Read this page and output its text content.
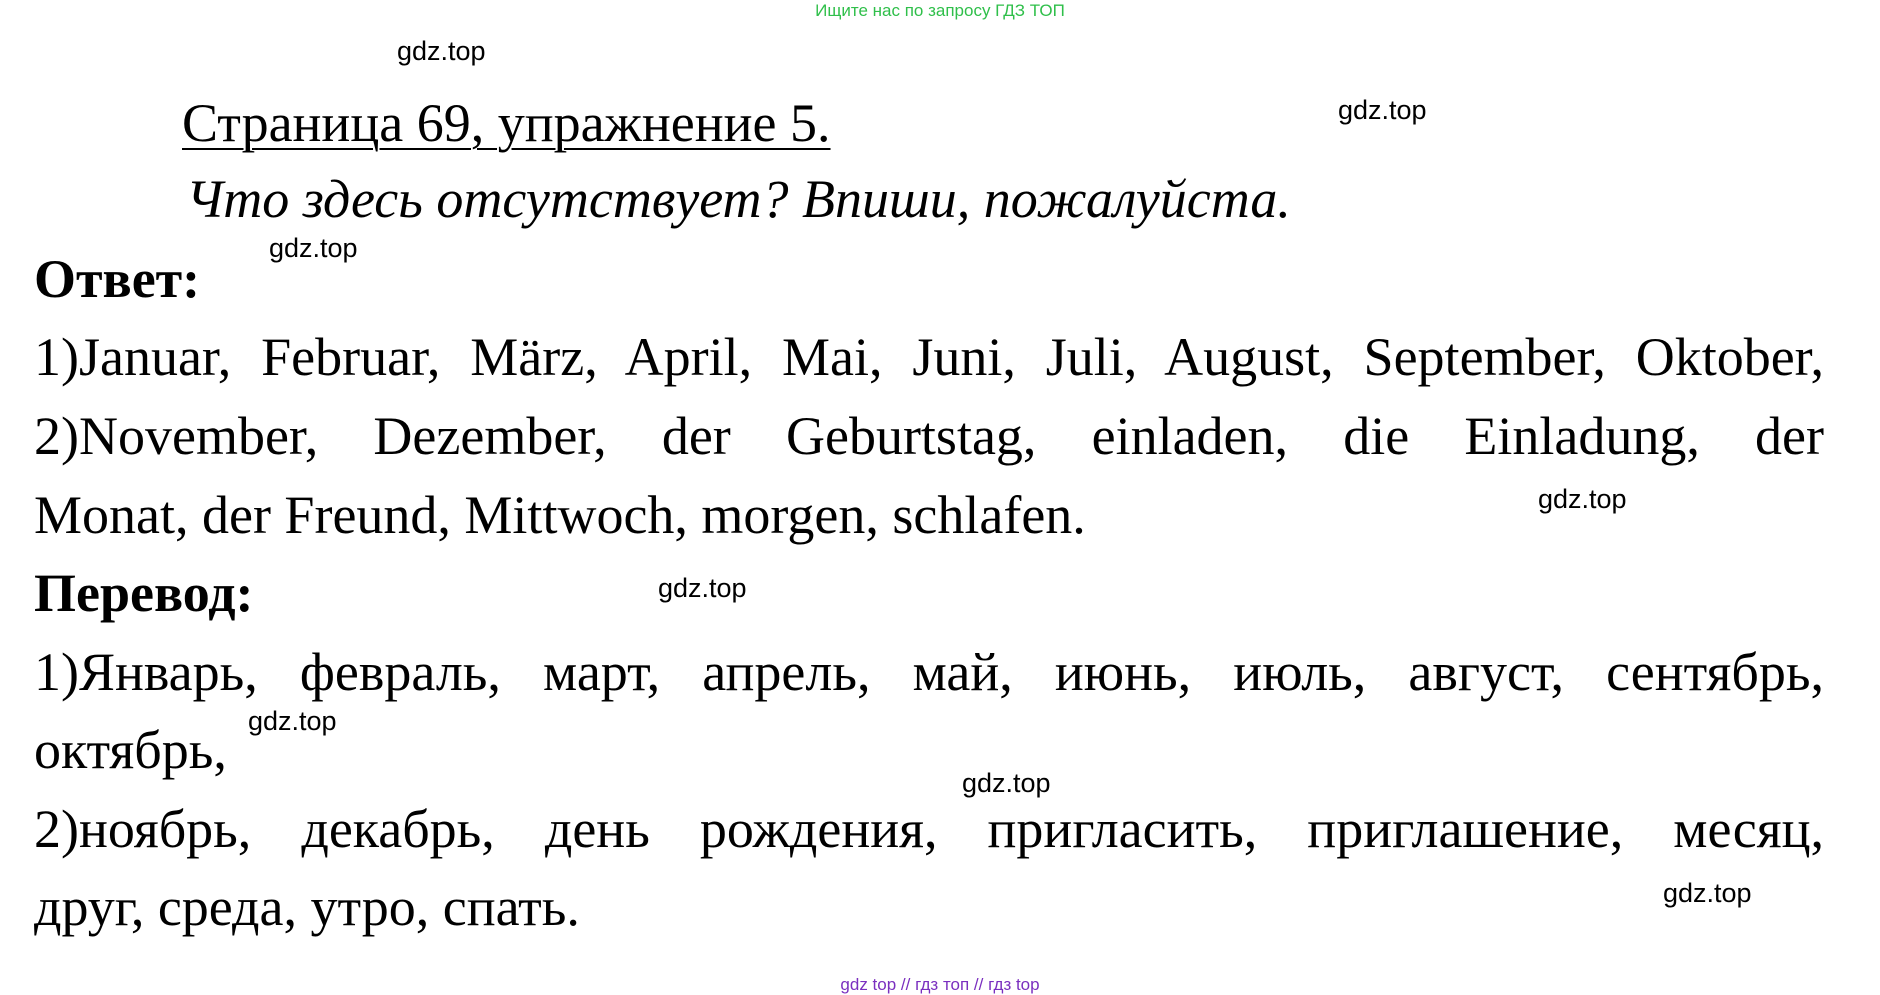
Ищите нас по запросу ГДЗ ТОП
gdz.top
gdz.top
gdz.top
gdz.top
gdz.top
gdz.top
gdz.top
gdz.top
Страница 69, упражнение 5.
Что здесь отсутствует? Впиши, пожалуйста.
Ответ:
1)Januar, Februar, März, April, Mai, Juni, Juli, August, September, Oktober,
2)November, Dezember, der Geburtstag, einladen, die Einladung, der
Monat, der Freund, Mittwoch, morgen, schlafen.
Перевод:
1)Январь, февраль, март, апрель, май, июнь, июль, август, сентябрь,
октябрь,
2)ноябрь, декабрь, день рождения, пригласить, приглашение, месяц,
друг, среда, утро, спать.
gdz top // гдз топ // гдз top
